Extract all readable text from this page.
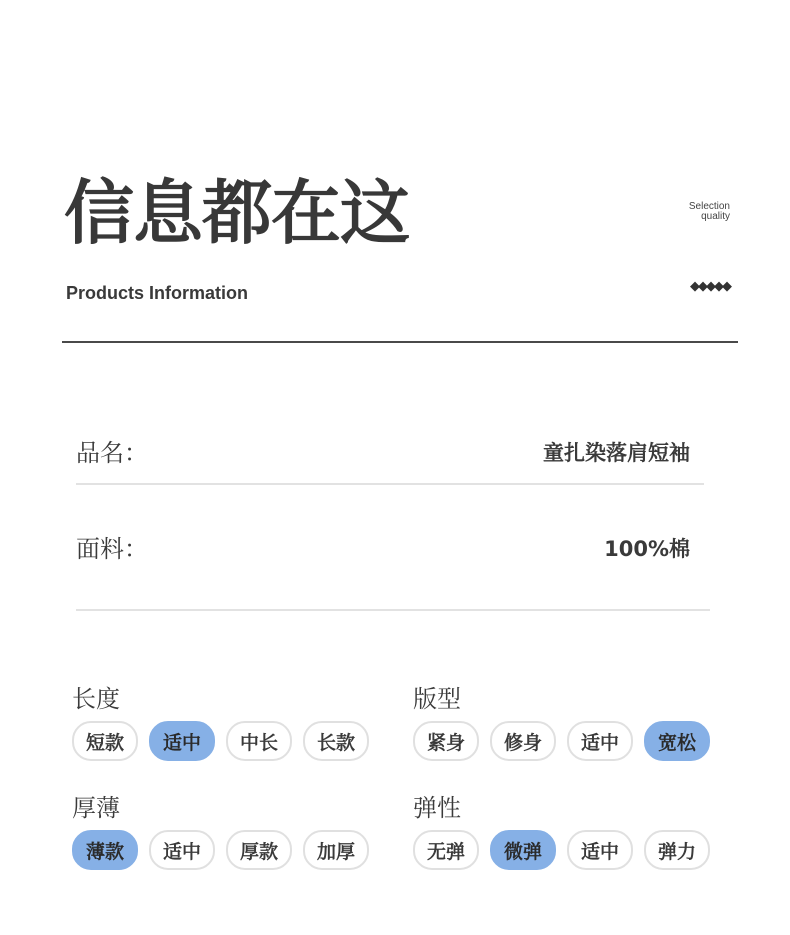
信息都在这	Selection
quality
Products Information	◆◆◆◆◆
品名：	童扎染落肩短袖
面料：	100%棉
长度
短款	适中	中长	长款
版型
紧身	修身	适中	宽松
厚薄
薄款	适中	厚款	加厚
弹性
无弹	微弹	适中	弹力
